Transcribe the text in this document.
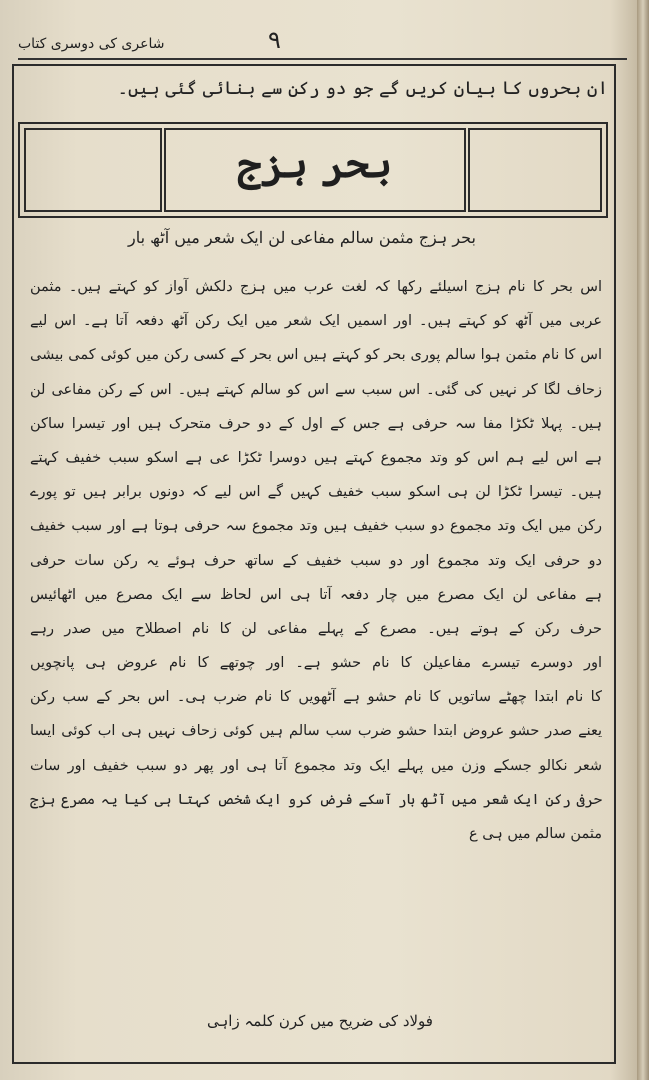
۹
شاعری کی دوسری کتاب
ان بحروں کا بیان کریں گے جو دو رکن سے بنائی گئی ہیں۔
بحر ہزج
بحر ہزج مثمن سالم مفاعی لن ایک شعر میں آٹھ بار
اس بحر کا نام ہزج اسیلئے رکھا کہ لغت عرب میں ہزج دلکش آواز کو کہتے ہیں۔ مثمن
عربی میں آٹھ کو کہتے ہیں۔ اور اسمیں ایک شعر میں ایک رکن آٹھ دفعہ آتا ہے۔ اس لیے
اس کا نام مثمن ہوا سالم پوری بحر کو کہتے ہیں اس بحر کے کسی رکن میں کوئی کمی بیشی
زحاف لگا کر نہیں کی گئی۔ اس سبب سے اس کو سالم کہتے ہیں۔ اس کے رکن مفاعی لن
ہیں۔ پہلا ٹکڑا مفا سہ حرفی ہے جس کے اول کے دو حرف متحرک ہیں اور تیسرا ساکن
ہے اس لیے ہم اس کو وتد مجموع کہتے ہیں دوسرا ٹکڑا عی ہے اسکو سبب خفیف کہتے
ہیں۔ تیسرا ٹکڑا لن ہی اسکو سبب خفیف کہیں گے اس لیے کہ دونوں برابر ہیں تو پورے
رکن میں ایک وتد مجموع دو سبب خفیف ہیں وتد مجموع سہ حرفی ہوتا ہے اور سبب خفیف
دو حرفی ایک وتد مجموع اور دو سبب خفیف کے ساتھ حرف ہوئے یہ رکن سات حرفی
ہے مفاعی لن ایک مصرع میں چار دفعہ آتا ہی اس لحاظ سے ایک مصرع میں اٹھائیس
حرف رکن کے ہوتے ہیں۔ مصرع کے پہلے مفاعی لن کا نام اصطلاح میں صدر رہے
اور دوسرے تیسرے مفاعیلن کا نام حشو ہے۔ اور چوتھے کا نام عروض ہی پانچویں
کا نام ابتدا چھٹے ساتویں کا نام حشو ہے آٹھویں کا نام ضرب ہی۔ اس بحر کے سب رکن
یعنے صدر حشو عروض ابتدا حشو ضرب سب سالم ہیں کوئی زحاف نہیں ہی اب کوئی ایسا
شعر نکالو جسکے وزن میں پہلے ایک وتد مجموع آتا ہی اور پھر دو سبب خفیف اور سات
حرفی رکن ایک شعر میں آٹھ بار آسکے فرض کرو ایک شخص کہتا ہی کیا یہ مصرع ہزج
مثمن سالم میں ہی ع
فولاد کی ضریح میں کرن کلمہ زاہی
